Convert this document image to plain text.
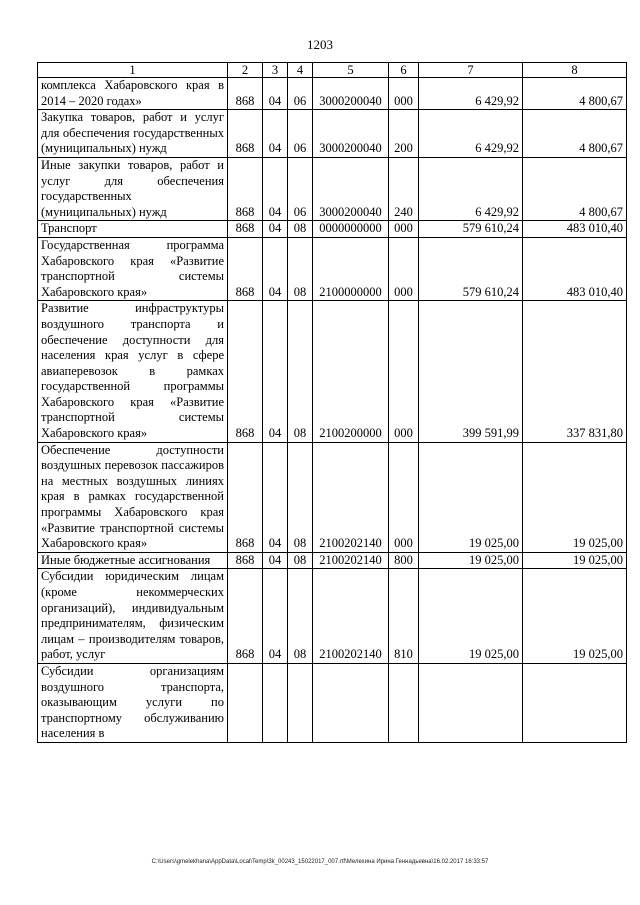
1203
1	2	3	4	5	6	7	8
комплекса Хабаровского края в 2014 – 2020 годах»	868	04	06	3000200040	000	6 429,92	4 800,67
Закупка товаров, работ и услуг для обеспечения государственных (муниципальных) нужд	868	04	06	3000200040	200	6 429,92	4 800,67
Иные закупки товаров, работ и услуг для обеспечения государственных (муниципальных) нужд	868	04	06	3000200040	240	6 429,92	4 800,67
Транспорт	868	04	08	0000000000	000	579 610,24	483 010,40
Государственная программа Хабаровского края «Развитие транспортной системы Хабаровского края»	868	04	08	2100000000	000	579 610,24	483 010,40
Развитие инфраструктуры воздушного транспорта и обеспечение доступности для населения края услуг в сфере авиаперевозок в рамках государственной программы Хабаровского края «Развитие транспортной системы Хабаровского края»	868	04	08	2100200000	000	399 591,99	337 831,80
Обеспечение доступности воздушных перевозок пассажиров на местных воздушных линиях края в рамках государственной программы Хабаровского края «Развитие транспортной системы Хабаровского края»	868	04	08	2100202140	000	19 025,00	19 025,00
Иные бюджетные ассигнования	868	04	08	2100202140	800	19 025,00	19 025,00
Субсидии юридическим лицам (кроме некоммерческих организаций), индивидуальным предпринимателям, физическим лицам – производителям товаров, работ, услуг	868	04	08	2100202140	810	19 025,00	19 025,00
Субсидии организациям воздушного транспорта, оказывающим услуги по транспортному обслуживанию населения в							
C:\Users\gmelekhana\AppData\Local\Temp\3k_00243_15022017_007.rtf\Мелехина Ирина Геннадьевна\16.02.2017 16:33:57
